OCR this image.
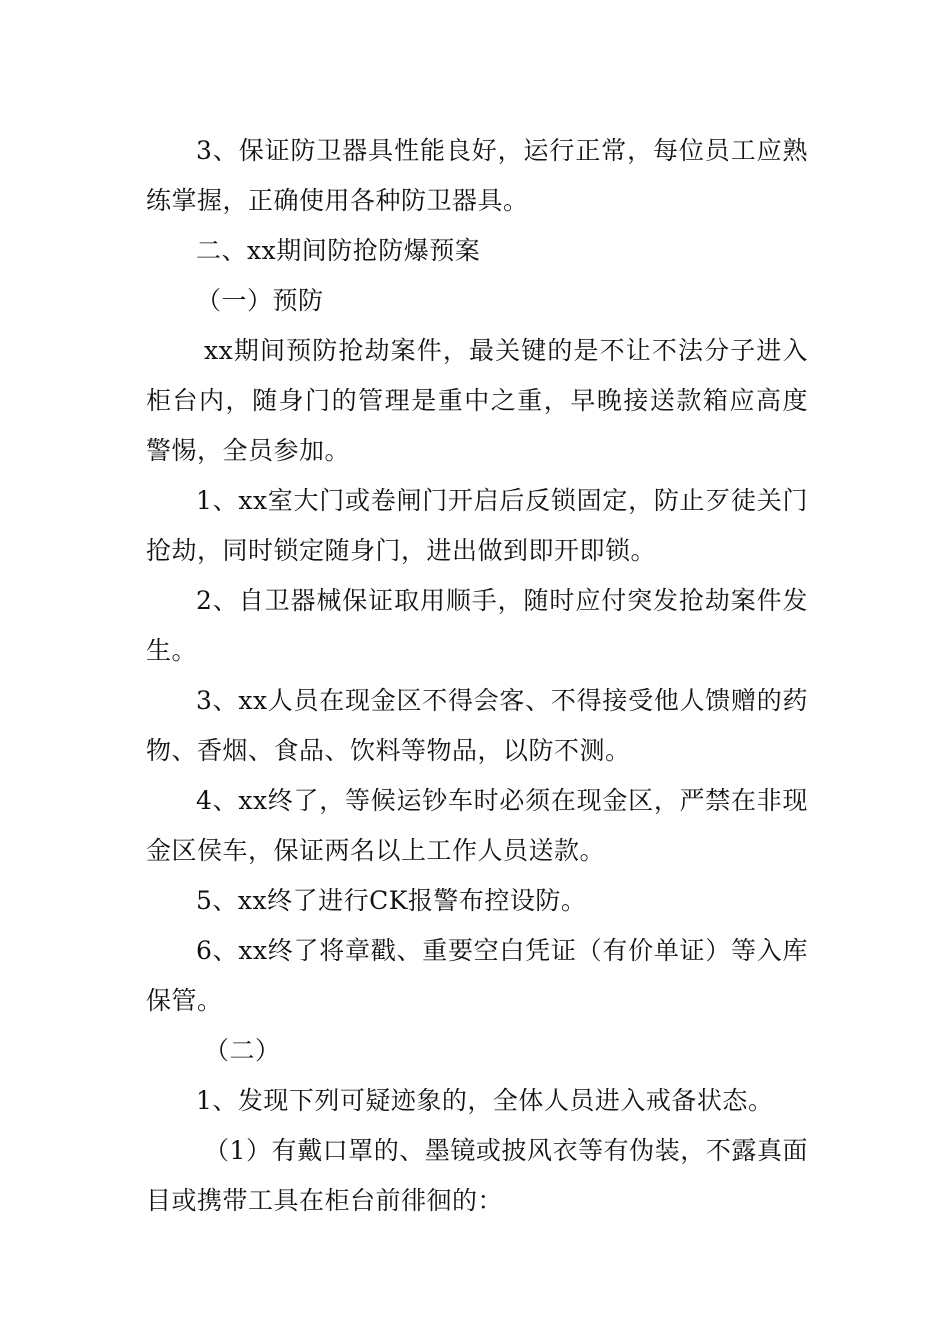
3、保证防卫器具性能良好，运行正常，每位员工应熟练掌握，正确使用各种防卫器具。

二、xx期间防抢防爆预案

（一）预防

xx期间预防抢劫案件，最关键的是不让不法分子进入柜台内，随身门的管理是重中之重，早晚接送款箱应高度警惕，全员参加。

1、xx室大门或卷闸门开启后反锁固定，防止歹徒关门抢劫，同时锁定随身门，进出做到即开即锁。

2、自卫器械保证取用顺手，随时应付突发抢劫案件发生。

3、xx人员在现金区不得会客、不得接受他人馈赠的药物、香烟、食品、饮料等物品，以防不测。

4、xx终了，等候运钞车时必须在现金区，严禁在非现金区侯车，保证两名以上工作人员送款。

5、xx终了进行CK报警布控设防。

6、xx终了将章戳、重要空白凭证（有价单证）等入库保管。

（二）

1、发现下列可疑迹象的，全体人员进入戒备状态。

（1）有戴口罩的、墨镜或披风衣等有伪装，不露真面目或携带工具在柜台前徘徊的：
